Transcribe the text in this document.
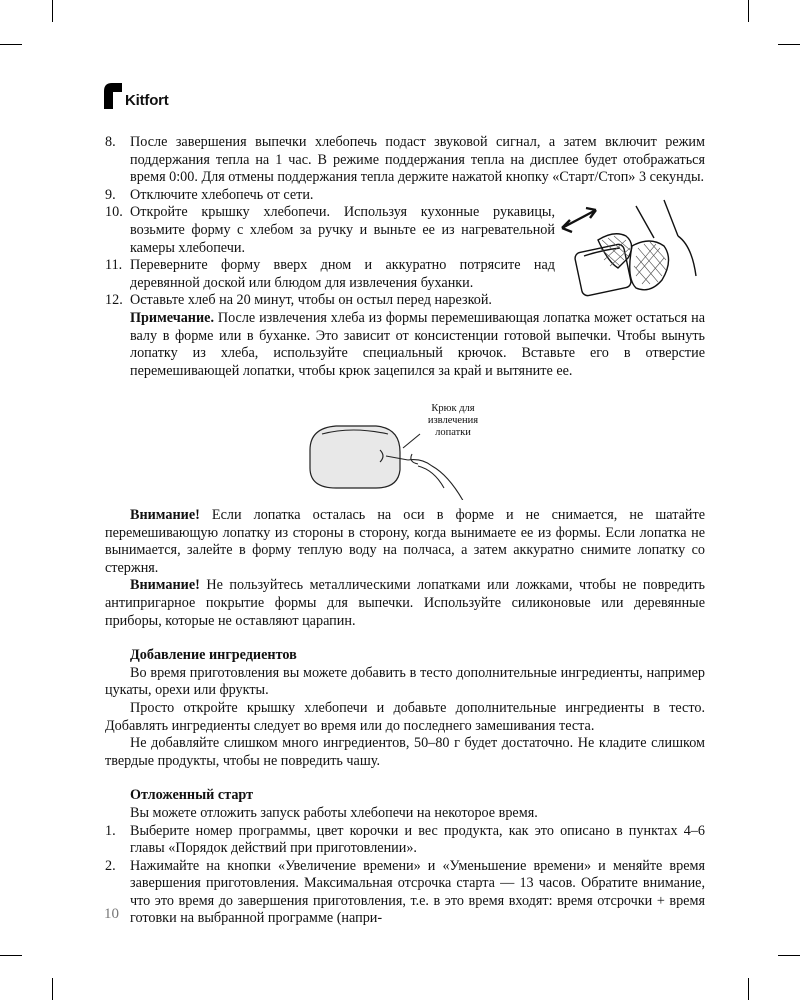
Kitfort
8.	После завершения выпечки хлебопечь подаст звуковой сигнал, а затем включит режим поддержания тепла на 1 час. В режиме поддержания тепла на дисплее будет отображаться время 0:00. Для отмены поддержания тепла держите нажатой кнопку «Старт/Стоп» 3 секунды.
9.	Отключите хлебопечь от сети.
10. Откройте крышку хлебопечи. Используя кухонные рукавицы, возьмите форму с хлебом за ручку и выньте ее из нагревательной камеры хлебопечи.
11. Переверните форму вверх дном и аккуратно потрясите над деревянной доской или блюдом для извлечения буханки.
12. Оставьте хлеб на 20 минут, чтобы он остыл перед нарезкой.
Примечание. После извлечения хлеба из формы перемешивающая лопатка может остаться на валу в форме или в буханке. Это зависит от консистенции готовой выпечки. Чтобы вынуть лопатку из хлеба, используйте специальный крючок. Вставьте его в отверстие перемешивающей лопатки, чтобы крюк зацепился за край и вытяните ее.
Крюк для извлечения лопатки
Внимание! Если лопатка осталась на оси в форме и не снимается, не шатайте перемешивающую лопатку из стороны в сторону, когда вынимаете ее из формы. Если лопатка не вынимается, залейте в форму теплую воду на полчаса, а затем аккуратно снимите лопатку со стержня.
Внимание! Не пользуйтесь металлическими лопатками или ложками, чтобы не повредить антипригарное покрытие формы для выпечки. Используйте силиконовые или деревянные приборы, которые не оставляют царапин.
Добавление ингредиентов
Во время приготовления вы можете добавить в тесто дополнительные ингредиенты, например цукаты, орехи или фрукты.
Просто откройте крышку хлебопечи и добавьте дополнительные ингредиенты в тесто. Добавлять ингредиенты следует во время или до последнего замешивания теста.
Не добавляйте слишком много ингредиентов, 50–80 г будет достаточно. Не кладите слишком твердые продукты, чтобы не повредить чашу.
Отложенный старт
Вы можете отложить запуск работы хлебопечи на некоторое время.
1.	Выберите номер программы, цвет корочки и вес продукта, как это описано в пунктах 4–6 главы «Порядок действий при приготовлении».
2.	Нажимайте на кнопки «Увеличение времени» и «Уменьшение времени» и меняйте время завершения приготовления. Максимальная отсрочка старта — 13 часов. Обратите внимание, что это время до завершения приготовления, т.е. в это время входят: время отсрочки + время готовки на выбранной программе (напри-
10
